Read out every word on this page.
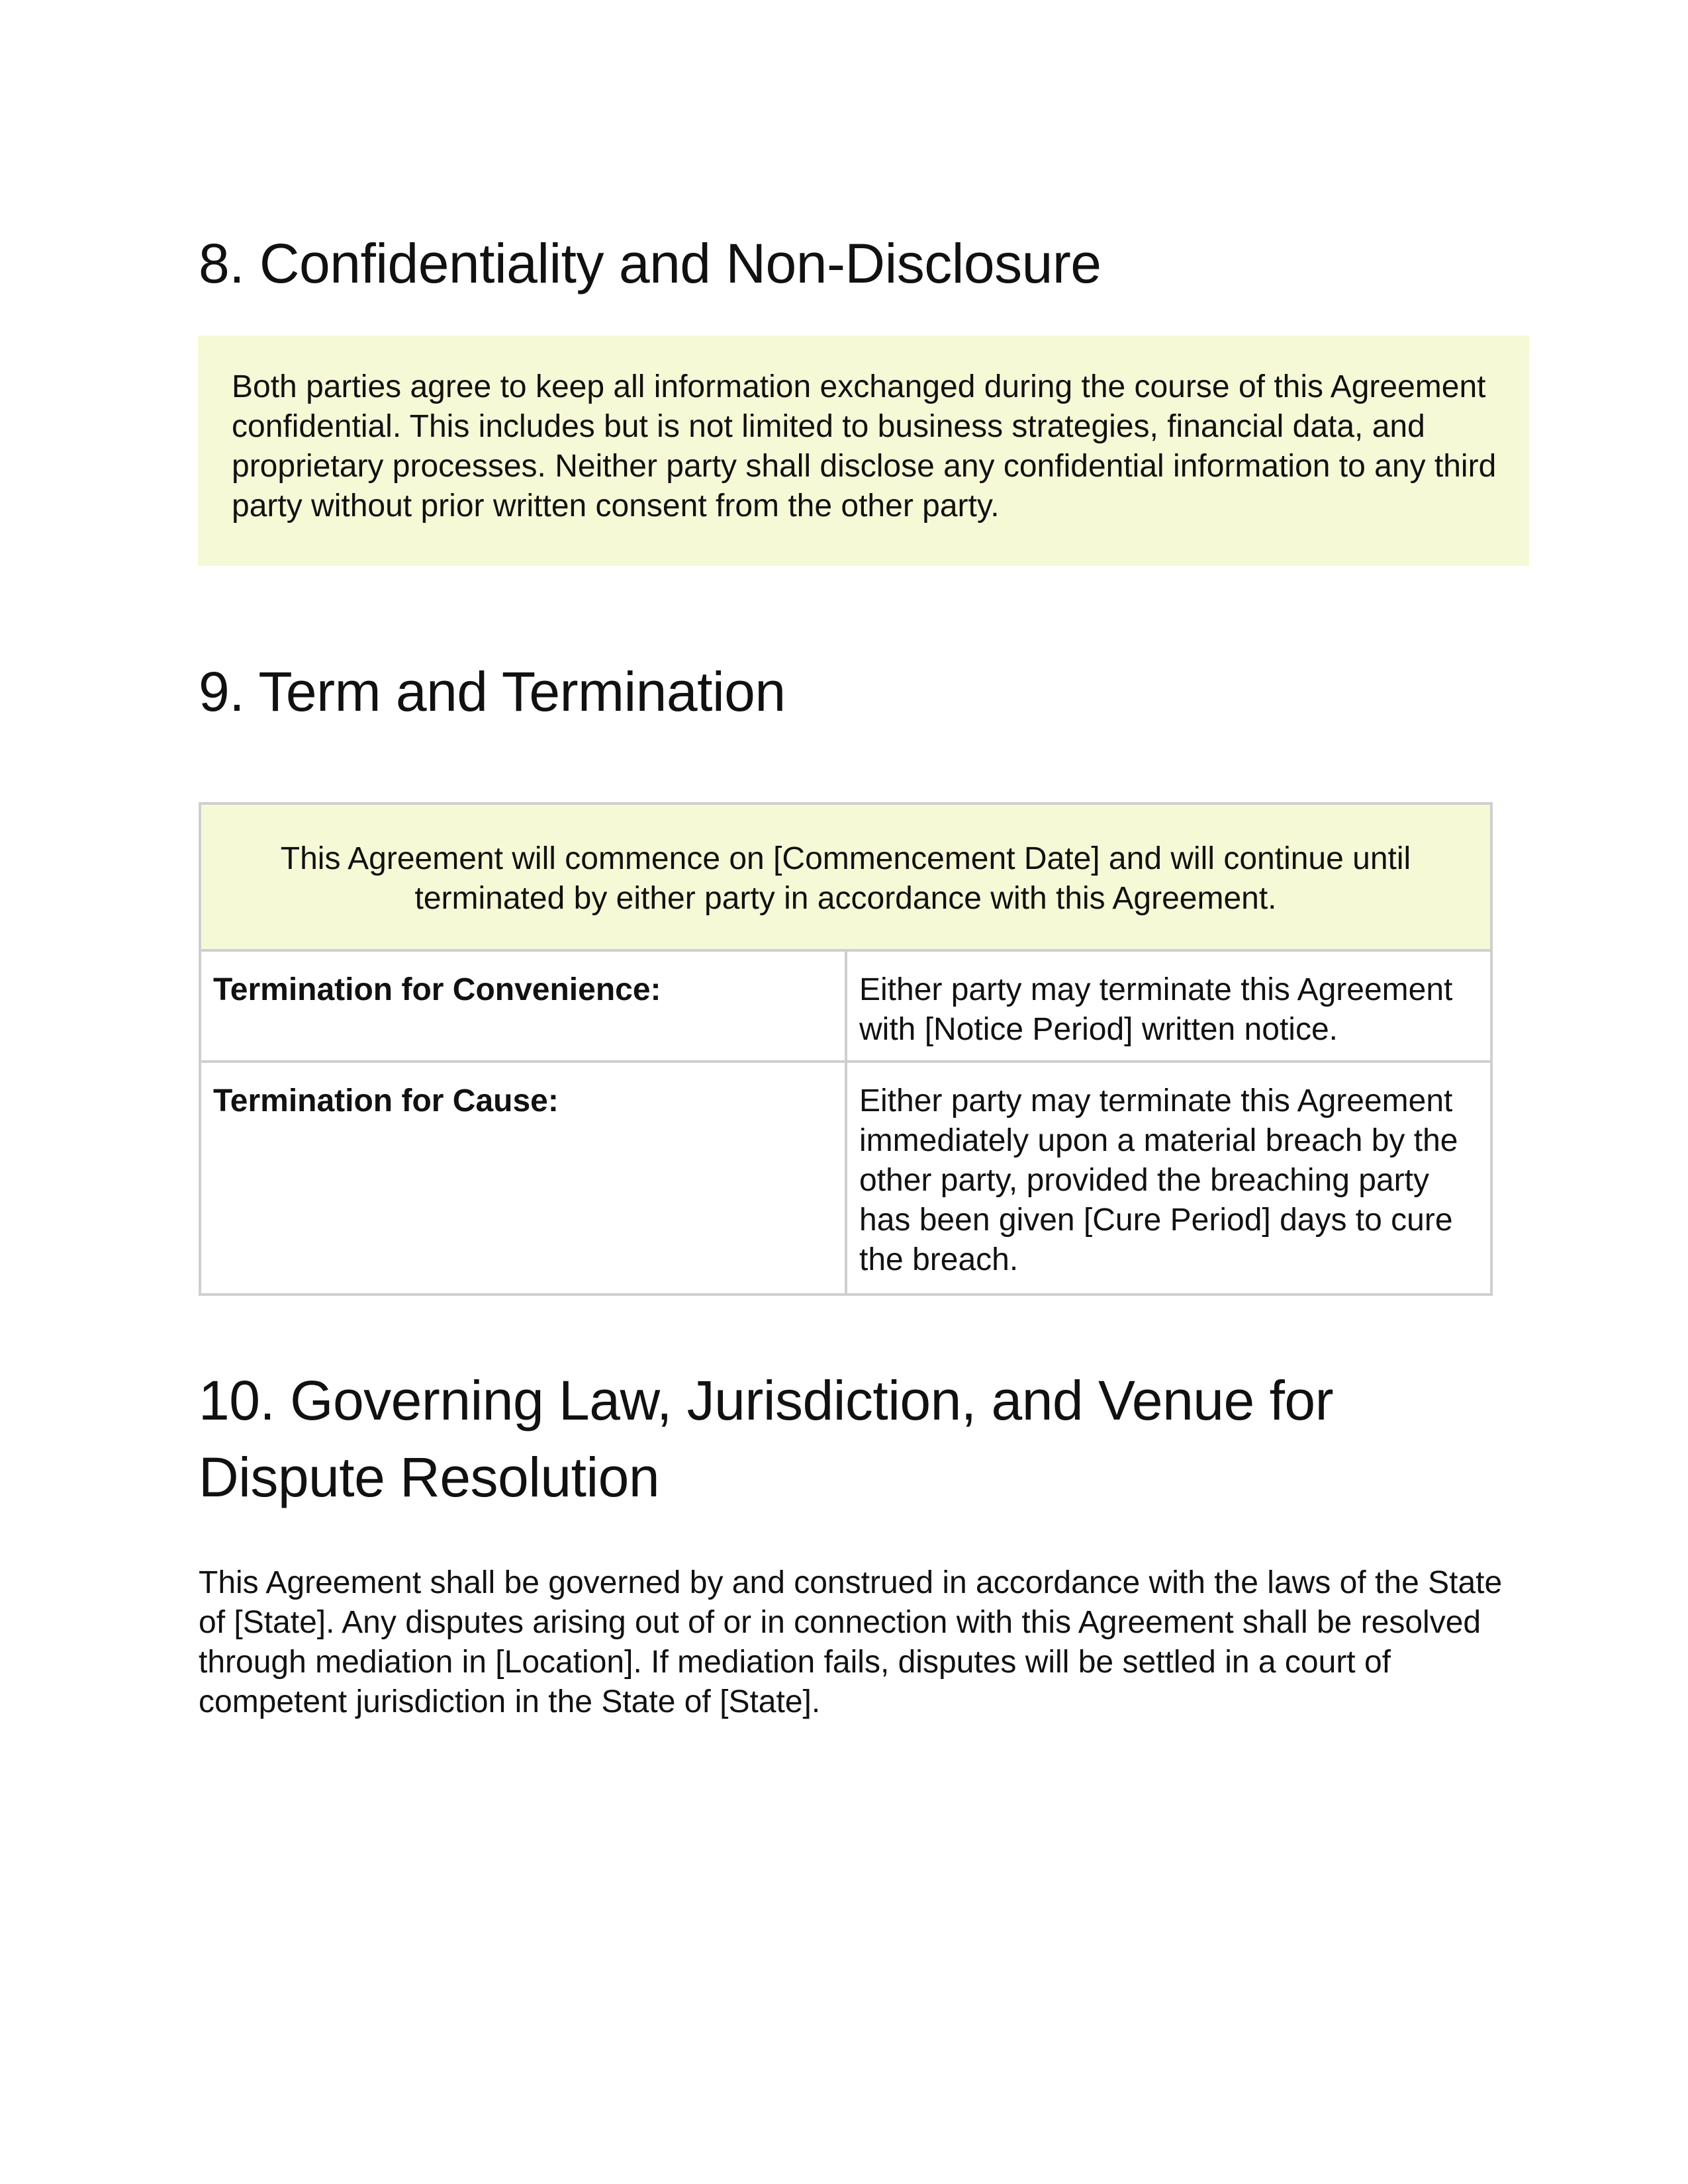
8. Confidentiality and Non-Disclosure
Both parties agree to keep all information exchanged during the course of this Agreement confidential. This includes but is not limited to business strategies, financial data, and proprietary processes. Neither party shall disclose any confidential information to any third party without prior written consent from the other party.
9. Term and Termination
This Agreement will commence on [Commencement Date] and will continue until terminated by either party in accordance with this Agreement.	
Termination for Convenience:	Either party may terminate this Agreement with [Notice Period] written notice.
Termination for Cause:	Either party may terminate this Agreement immediately upon a material breach by the other party, provided the breaching party has been given [Cure Period] days to cure the breach.
10. Governing Law, Jurisdiction, and Venue for
Dispute Resolution
This Agreement shall be governed by and construed in accordance with the laws of the State of [State]. Any disputes arising out of or in connection with this Agreement shall be resolved through mediation in [Location]. If mediation fails, disputes will be settled in a court of competent jurisdiction in the State of [State].
